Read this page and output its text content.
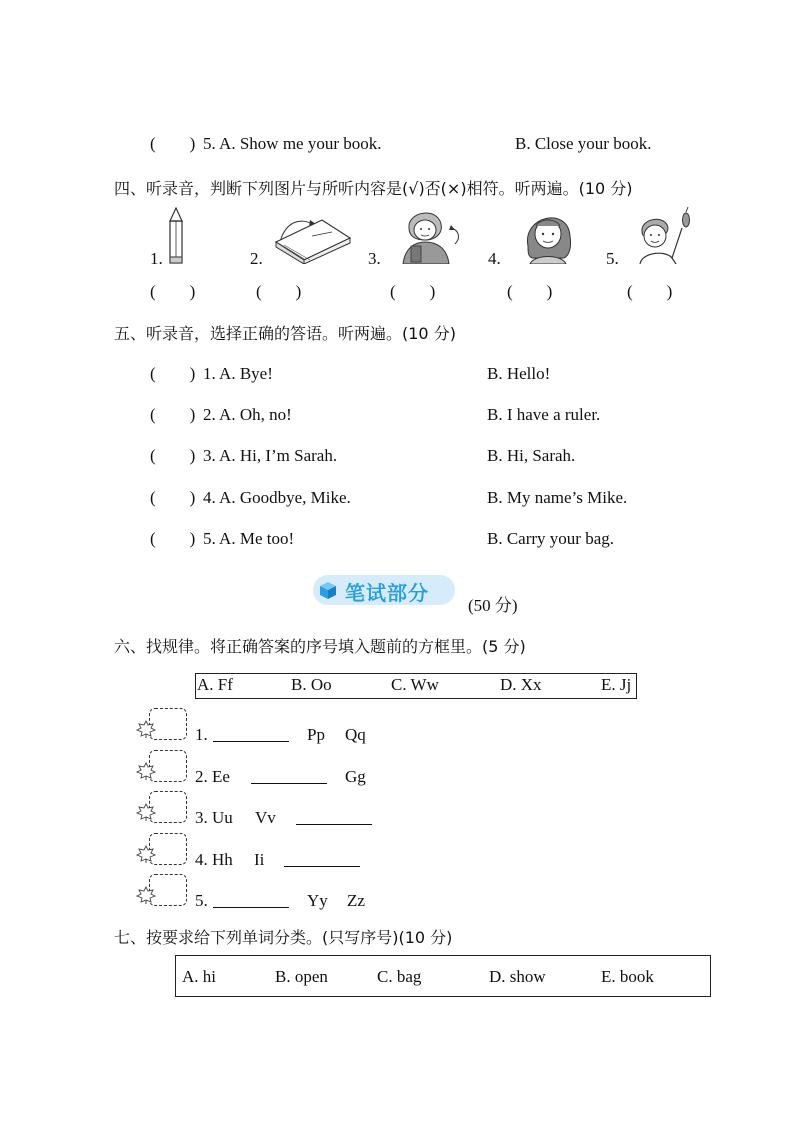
(        ) 5. A. Show me your book.	B. Close your book.
四、听录音，判断下列图片与所听内容是(√)否(×)相符。听两遍。(10 分)
1.	2.	3.	4.	5.
(        )	(        )	(        )	(        )	(        )
五、听录音，选择正确的答语。听两遍。(10 分)
(        ) 1. A. Bye!	B. Hello!
(        ) 2. A. Oh, no!	B. I have a ruler.
(        ) 3. A. Hi, I’m Sarah.	B. Hi, Sarah.
(        ) 4. A. Goodbye, Mike.	B. My name’s Mike.
(        ) 5. A. Me too!	B. Carry your bag.
笔试部分
(50 分)
六、找规律。将正确答案的序号填入题前的方框里。(5 分)
A. Ff	B. Oo	C. Ww	D. Xx	E. Jj
1.	Pp Qq
2. Ee	Gg
3. Uu Vv
4. Hh Ii
5.	Yy Zz
七、按要求给下列单词分类。(只写序号)(10 分)
A. hi	B. open	C. bag	D. show	E. book
